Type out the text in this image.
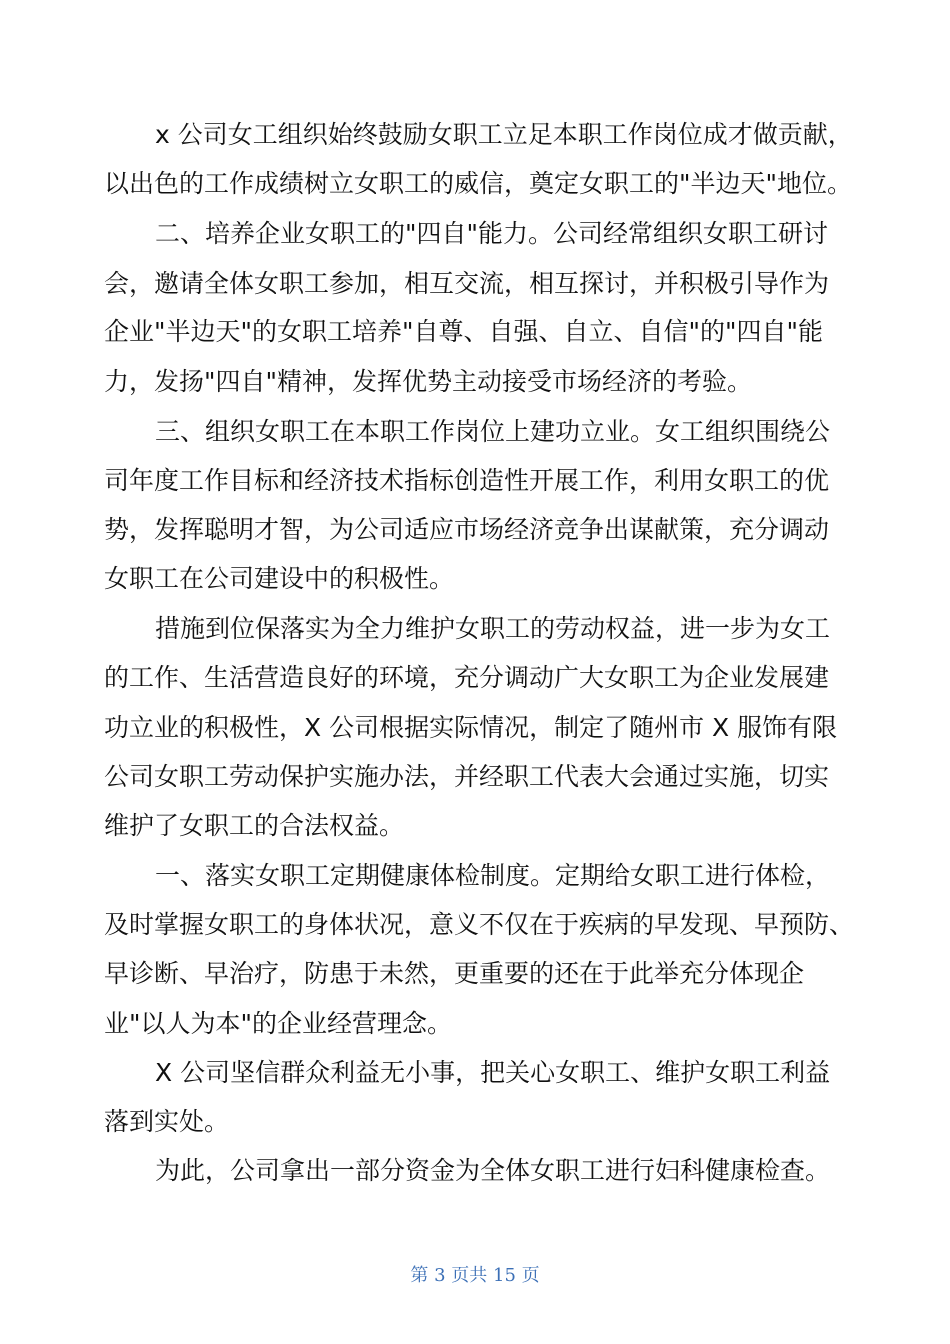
x 公司女工组织始终鼓励女职工立足本职工作岗位成才做贡献，
以出色的工作成绩树立女职工的威信，奠定女职工的"半边天"地位。
二、培养企业女职工的"四自"能力。公司经常组织女职工研讨
会，邀请全体女职工参加，相互交流，相互探讨，并积极引导作为
企业"半边天"的女职工培养"自尊、自强、自立、自信"的"四自"能
力，发扬"四自"精神，发挥优势主动接受市场经济的考验。
三、组织女职工在本职工作岗位上建功立业。女工组织围绕公
司年度工作目标和经济技术指标创造性开展工作，利用女职工的优
势，发挥聪明才智，为公司适应市场经济竞争出谋献策，充分调动
女职工在公司建设中的积极性。
措施到位保落实为全力维护女职工的劳动权益，进一步为女工
的工作、生活营造良好的环境，充分调动广大女职工为企业发展建
功立业的积极性，X 公司根据实际情况，制定了随州市 X 服饰有限
公司女职工劳动保护实施办法，并经职工代表大会通过实施，切实
维护了女职工的合法权益。
一、落实女职工定期健康体检制度。定期给女职工进行体检，
及时掌握女职工的身体状况，意义不仅在于疾病的早发现、早预防、
早诊断、早治疗，防患于未然，更重要的还在于此举充分体现企
业"以人为本"的企业经营理念。
X 公司坚信群众利益无小事，把关心女职工、维护女职工利益
落到实处。
为此，公司拿出一部分资金为全体女职工进行妇科健康检查。
第 3 页共 15 页
